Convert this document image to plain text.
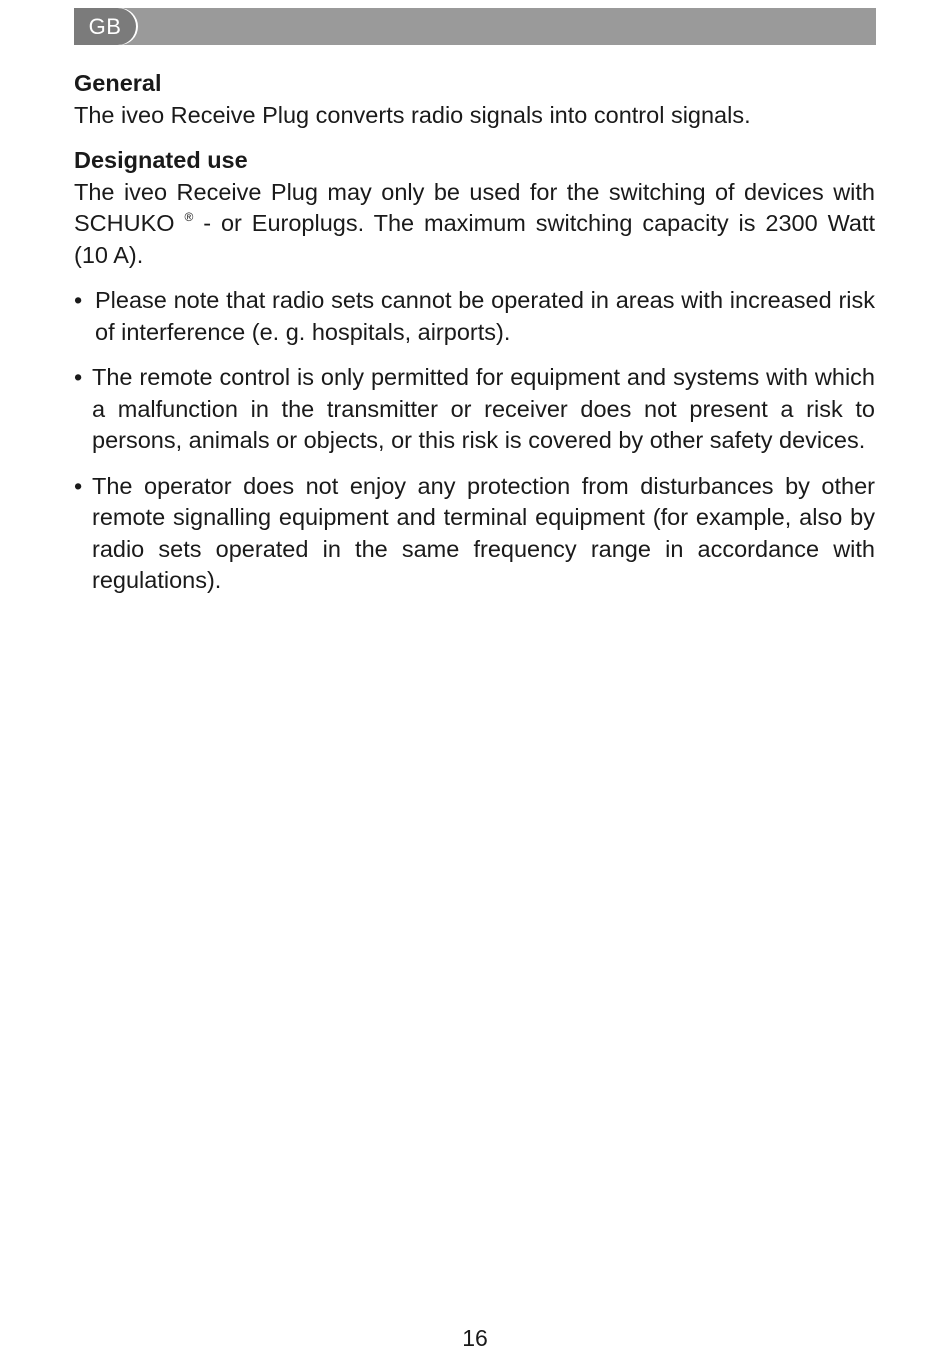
GB
General

The iveo Receive Plug converts radio signals into control signals.

Designated use

The iveo Receive Plug may only be used for the switching of devices with SCHUKO ® - or Europlugs. The maximum switching capacity is 2300 Watt (10 A).

• Please note that radio sets cannot be operated in areas with increased risk of interference (e. g. hospitals, airports).
• The remote control is only permitted for equipment and systems with which a malfunction in the transmitter or receiver does not present a risk to persons, animals or objects, or this risk is covered by other safety devices.
• The operator does not enjoy any protection from disturbances by other remote signalling equipment and terminal equipment (for example, also by radio sets operated in the same frequency range in accordance with regulations).
16
